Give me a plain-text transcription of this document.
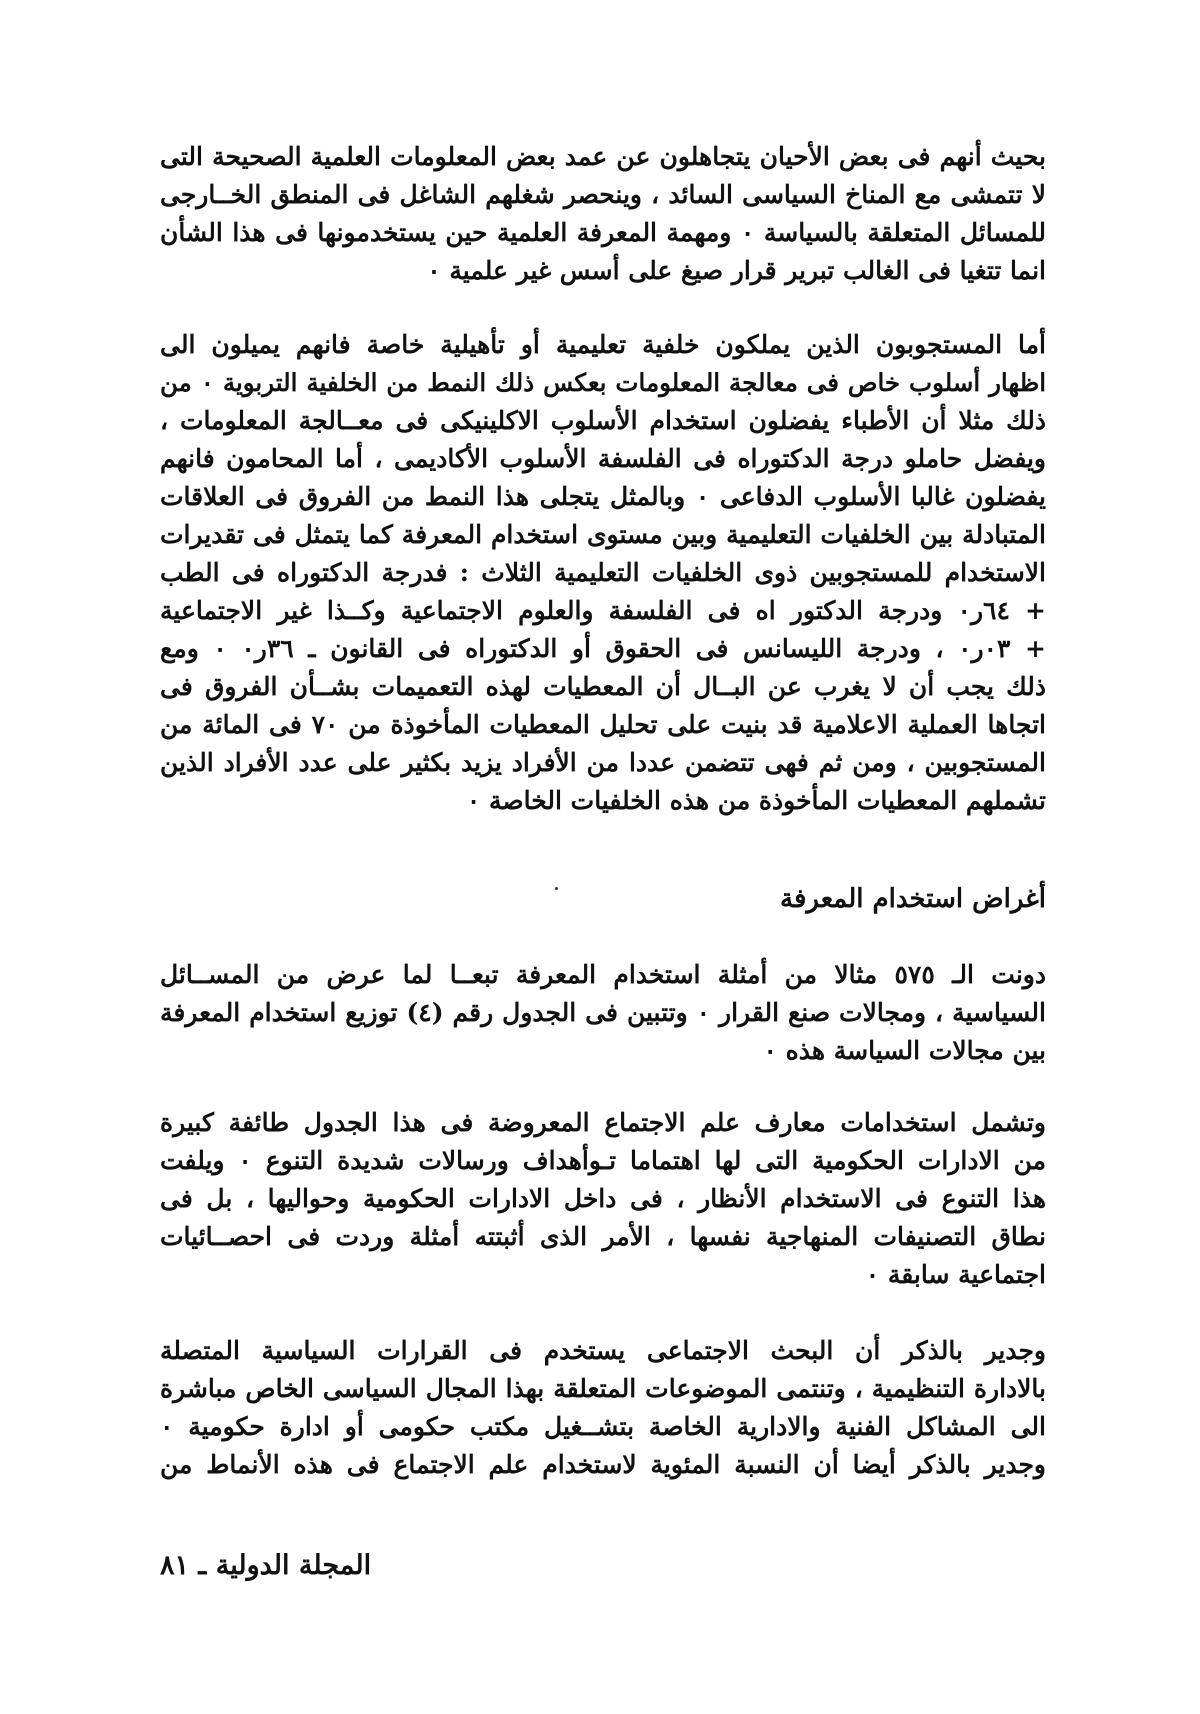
بحيث أنهم فى بعض الأحيان يتجاهلون عن عمد بعض المعلومات العلمية الصحيحة التى
لا تتمشى مع المناخ السياسى السائد ، وينحصر شغلهم الشاغل فى المنطق الخــارجى
للمسائل المتعلقة بالسياسة ٠ ومهمة المعرفة العلمية حين يستخدمونها فى هذا الشأن
انما تتغيا فى الغالب تبرير قرار صيغ على أسس غير علمية ٠
أما المستجوبون الذين يملكون خلفية تعليمية أو تأهيلية خاصة فانهم يميلون الى
اظهار أسلوب خاص فى معالجة المعلومات بعكس ذلك النمط من الخلفية التربوية ٠ من
ذلك مثلا أن الأطباء يفضلون استخدام الأسلوب الاكلينيكى فى معــالجة المعلومات ،
ويفضل حاملو درجة الدكتوراه فى الفلسفة الأسلوب الأكاديمى ، أما المحامون فانهم
يفضلون غالبا الأسلوب الدفاعى ٠ وبالمثل يتجلى هذا النمط من الفروق فى العلاقات
المتبادلة بين الخلفيات التعليمية وبين مستوى استخدام المعرفة كما يتمثل فى تقديرات
الاستخدام للمستجوبين ذوى الخلفيات التعليمية الثلاث : فدرجة الدكتوراه فى الطب
+ ٦٤ر٠ ودرجة الدكتور اه فى الفلسفة والعلوم الاجتماعية وكــذا غير الاجتماعية
+ ٠٣ر٠ ، ودرجة الليسانس فى الحقوق أو الدكتوراه فى القانون ـ ٣٦ر٠ ٠ ومع
ذلك يجب أن لا يغرب عن البــال أن المعطيات لهذه التعميمات بشــأن الفروق فى
اتجاها العملية الاعلامية قد بنيت على تحليل المعطيات المأخوذة من ٧٠ فى المائة من
المستجوبين ، ومن ثم فهى تتضمن عددا من الأفراد يزيد بكثير على عدد الأفراد الذين
تشملهم المعطيات المأخوذة من هذه الخلفيات الخاصة ٠
أغراض استخدام المعرفة
دونت الـ ٥٧٥ مثالا من أمثلة استخدام المعرفة تبعــا لما عرض من المســائل
السياسية ، ومجالات صنع القرار ٠ وتتبين فى الجدول رقم (٤) توزيع استخدام المعرفة
بين مجالات السياسة هذه ٠
وتشمل استخدامات معارف علم الاجتماع المعروضة فى هذا الجدول طائفة كبيرة
من الادارات الحكومية التى لها اهتماما تـوأهداف ورسالات شديدة التنوع ٠ ويلفت
هذا التنوع فى الاستخدام الأنظار ، فى داخل الادارات الحكومية وحواليها ، بل فى
نطاق التصنيفات المنهاجية نفسها ، الأمر الذى أثبتته أمثلة وردت فى احصــائيات
اجتماعية سابقة ٠
وجدير بالذكر أن البحث الاجتماعى يستخدم فى القرارات السياسية المتصلة
بالادارة التنظيمية ، وتنتمى الموضوعات المتعلقة بهذا المجال السياسى الخاص مباشرة
الى المشاكل الفنية والادارية الخاصة بتشــغيل مكتب حكومى أو ادارة حكومية ٠
وجدير بالذكر أيضا أن النسبة المئوية لاستخدام علم الاجتماع فى هذه الأنماط من
المجلة الدولية ـ ٨١
